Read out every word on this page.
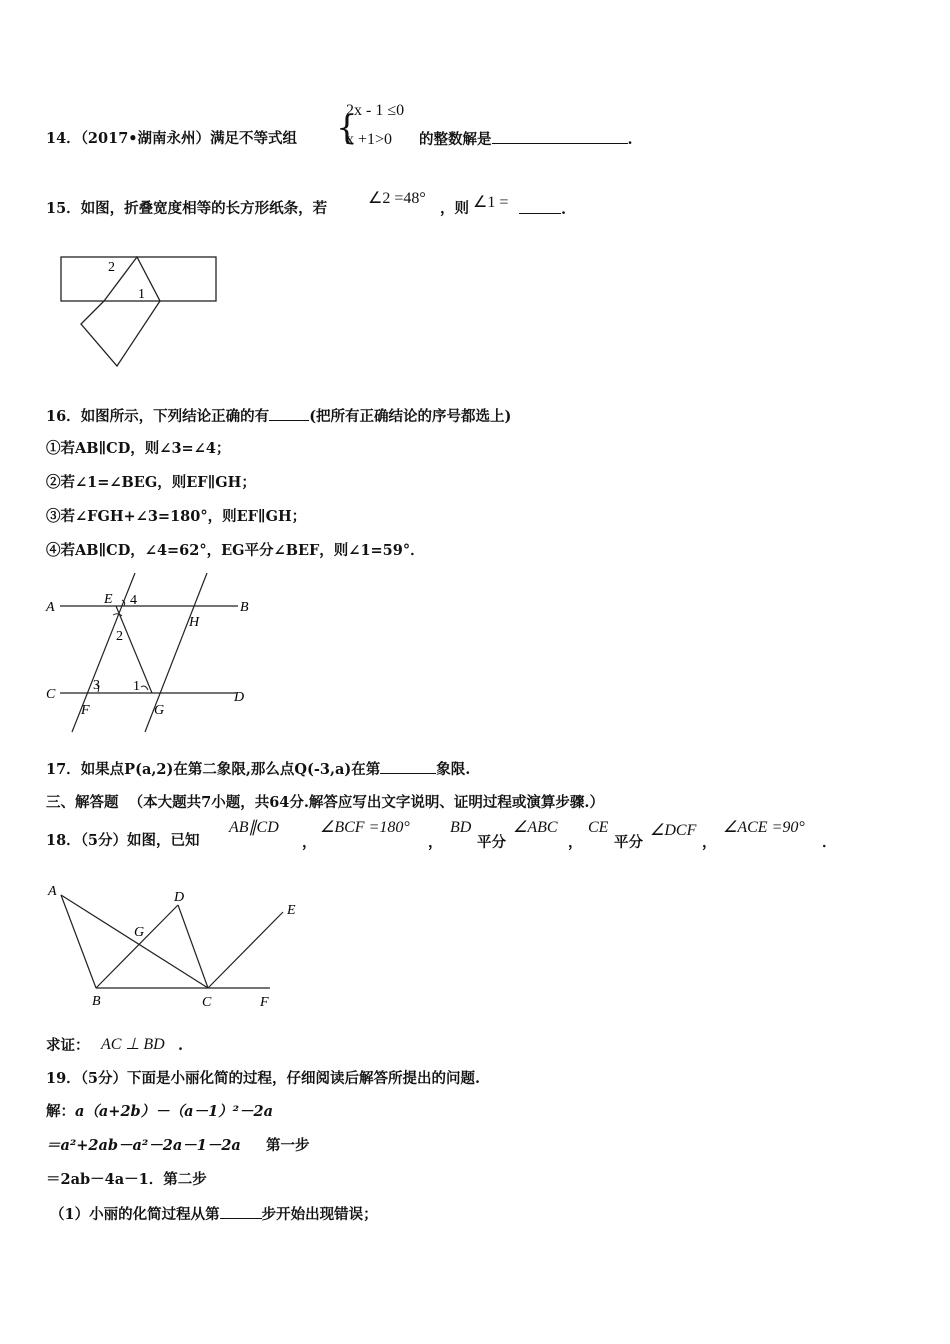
14．（2017•湖南永州）满足不等式组 {
2x - 1 ≤0
x +1>0 的整数解是	.
15．如图，折叠宽度相等的长方形纸条，若
∠2 =48°
，则 ∠1 =	.
2
1
16．如图所示，下列结论正确的有	(把所有正确结论的序号都选上)
①若AB∥CD，则∠3=∠4；
②若∠1=∠BEG，则EF∥GH；
③若∠FGH+∠3=180°，则EF∥GH；
④若AB∥CD，∠4=62°，EG平分∠BEF，则∠1=59°．
A
E 4	B
2
H
C
3 1
D
F	G
17．如果点P(a,2)在第二象限,那么点Q(-3,a)在第	象限.
三、解答题 （本大题共7小题，共64分.解答应写出文字说明、证明过程或演算步骤.）
18．（5分）如图，已知
AB∥CD
，
∠BCF =180°
，
BD
平分
∠ABC
，
CE
平分
∠DCF
，
∠ACE =90°
．
A	D
E
G
B	C	F
求证： AC ⊥ BD .
19．（5分）下面是小丽化简的过程，仔细阅读后解答所提出的问题.
解：a（a+2b）－（a－1）²－2a
＝a²+2ab－a²－2a－1－2a 第一步
＝2ab－4a－1．第二步
（1）小丽的化简过程从第	步开始出现错误；
